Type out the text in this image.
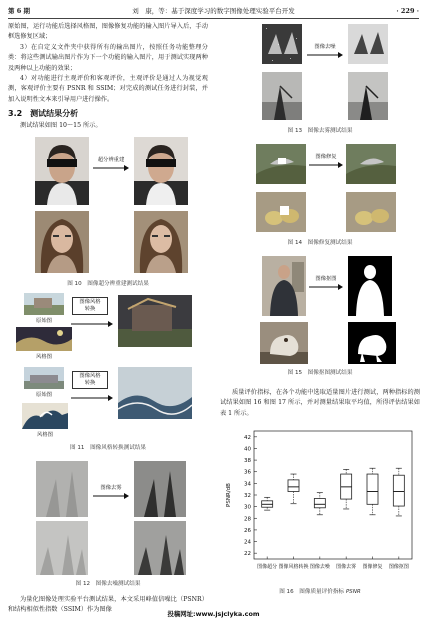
第 6 期	刘　康，等：基于深度学习的数字图像处理实验平台开发	· 229 ·

原始图，运行功能后选择风格图，图像修复功能的输入图片导入后，手动框选修复区域；

3）在自定义文件夹中获得所有的输出图片，按照任务功能整理分类：将这些测试输出图片作为下一个功能的输入图片，用于测试实现两种及两种以上功能的效果；

4）对功能进行主观评价和客观评价，主观评价是通过人为视觉观测，客观评价主要有 PSNR 和 SSIM；对完成的测试任务进行封装，并加入说明性文本来引导用户进行操作。

3.2　测试结果分析

测试结果如图 10～15 所示。

超分辨重建
图 10　图像超分辨重建测试结果
原始图
图像风格
转换
风格图
原始图
图像风格
转换
风格图
图 11　图像风格转换测试结果
图像去雾
图 12　图像去噪测试结果

为量化图像处理实验平台测试结果，本文采用峰值信噪比（PSNR）和结构相似性指数（SSIM）作为图像

图像去噪
图 13　图像去雾测试结果
图像修复
图 14　图像修复测试结果
图像抠图
图 15　图像抠图测试结果

质量评价指标，在各个功能中选取适量图片进行测试，两种指标的测试结果如图 16 和图 17 所示，并对测量结果取平均值，所得评估结果如表 1 所示。

22
24
26
28
30
32
34
36
38
40
42
PSNR/dB
图像超分 图像风格转换 图像去噪 图像去雾 图像修复 图像抠图
图 16　图像质量评价指标 PSNR
投稿网址:www.jsjclyka.com
